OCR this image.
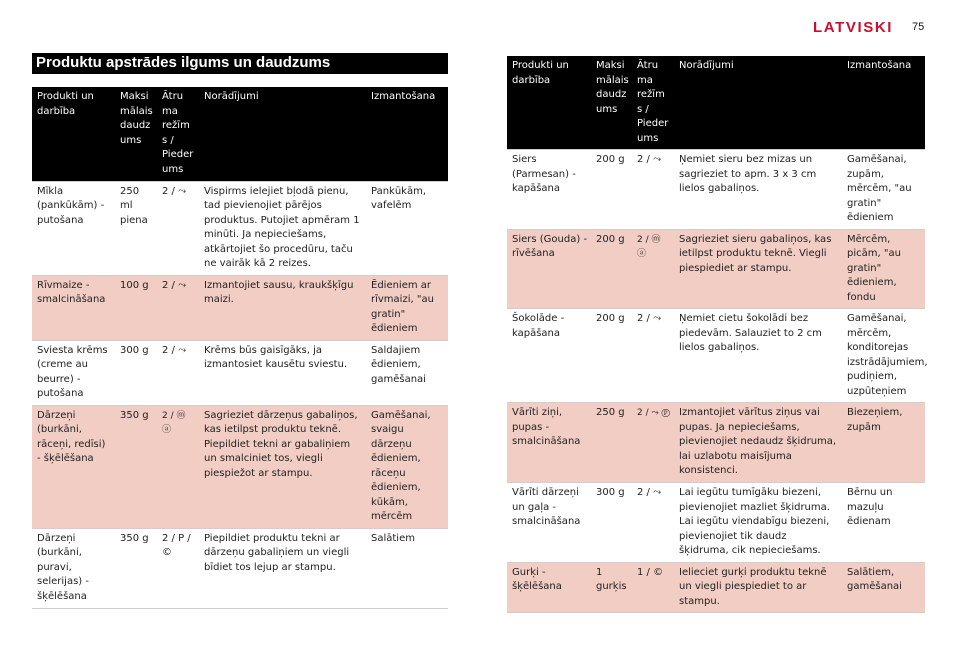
LATVISKI 75
Produktu apstrādes ilgums un daudzums
Produkti un darbība	Maksi mālais daudz ums	Ātru ma režīm s / Pieder ums	Norādījumi	Izmantošana
Mīkla (pankūkām) - putošana	250 ml piena	2 / ⤳	Vispirms ielejiet bļodā pienu, tad pievienojiet pārējos produktus. Putojiet apmēram 1 minūti. Ja nepieciešams, atkārtojiet šo procedūru, taču ne vairāk kā 2 reizes.	Pankūkām, vafelēm
Rīvmaize - smalcināšana	100 g	2 / ⤳	Izmantojiet sausu, kraukšķīgu maizi.	Ēdieniem ar rīvmaizi, "au gratin" ēdieniem
Sviesta krēms (creme au beurre) - putošana	300 g	2 / ⤳	Krēms būs gaisīgāks, ja izmantosiet kausētu sviestu.	Saldajiem ēdieniem, gamēšanai
Dārzeņi (burkāni, rāceņi, redīsi) - šķēlēšana	350 g	2 / ⓜ ⓐ	Sagrieziet dārzeņus gabaliņos, kas ietilpst produktu teknē. Piepildiet tekni ar gabaliņiem un smalciniet tos, viegli piespiežot ar stampu.	Gamēšanai, svaigu dārzeņu ēdieniem, rāceņu ēdieniem, kūkām, mērcēm
Dārzeņi (burkāni, puravi, selerijas) - šķēlēšana	350 g	2 / P / ©	Piepildiet produktu tekni ar dārzeņu gabaliņiem un viegli bīdiet tos lejup ar stampu.	Salātiem
Produkti un darbība	Maksi mālais daudz ums	Ātru ma režīm s / Pieder ums	Norādījumi	Izmantošana
Siers (Parmesan) - kapāšana	200 g	2 / ⤳	Ņemiet sieru bez mizas un sagrieziet to apm. 3 x 3 cm lielos gabaliņos.	Gamēšanai, zupām, mērcēm, "au gratin" ēdieniem
Siers (Gouda) - rīvēšana	200 g	2 / ⓜ ⓐ	Sagrieziet sieru gabaliņos, kas ietilpst produktu teknē. Viegli piespiediet ar stampu.	Mērcēm, picām, "au gratin" ēdieniem, fondu
Šokolāde - kapāšana	200 g	2 / ⤳	Ņemiet cietu šokolādi bez piedevām. Salauziet to 2 cm lielos gabaliņos.	Gamēšanai, mērcēm, konditorejas izstrādājumiem, pudiņiem, uzpūteņiem
Vārīti ziņi, pupas - smalcināšana	250 g	2 / ⤳ ⓟ	Izmantojiet vārītus ziņus vai pupas. Ja nepieciešams, pievienojiet nedaudz šķidruma, lai uzlabotu maisījuma konsistenci.	Biezeņiem, zupām
Vārīti dārzeņi un gaļa - smalcināšana	300 g	2 / ⤳	Lai iegūtu tumīgāku biezeni, pievienojiet mazliet šķidruma. Lai iegūtu viendabīgu biezeni, pievienojiet tik daudz šķidruma, cik nepieciešams.	Bērnu un mazuļu ēdienam
Gurķi - šķēlēšana	1 gurķis	1 / ©	Ielieciet gurķi produktu teknē un viegli piespiediet to ar stampu.	Salātiem, gamēšanai
